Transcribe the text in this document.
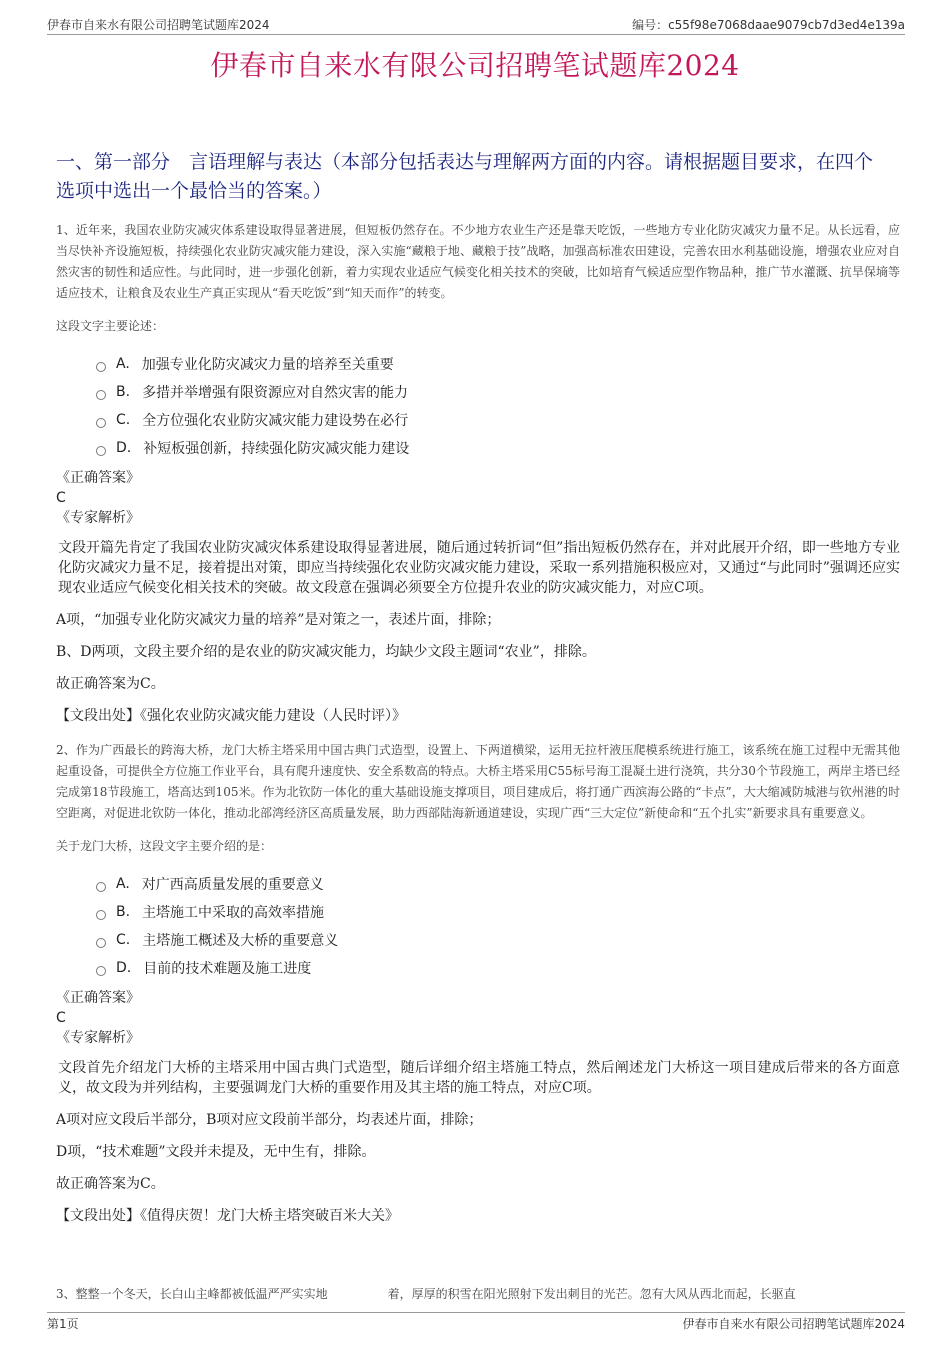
伊春市自来水有限公司招聘笔试题库2024	编号：c55f98e7068daae9079cb7d3ed4e139a
伊春市自来水有限公司招聘笔试题库2024
一、第一部分　言语理解与表达（本部分包括表达与理解两方面的内容。请根据题目要求，在四个选项中选出一个最恰当的答案。）

1、近年来，我国农业防灾减灾体系建设取得显著进展，但短板仍然存在。不少地方农业生产还是靠天吃饭，一些地方专业化防灾减灾力量不足。从长远看，应当尽快补齐设施短板，持续强化农业防灾减灾能力建设，深入实施“藏粮于地、藏粮于技”战略，加强高标准农田建设，完善农田水利基础设施，增强农业应对自然灾害的韧性和适应性。与此同时，进一步强化创新，着力实现农业适应气候变化相关技术的突破，比如培育气候适应型作物品种，推广节水灌溉、抗旱保墒等适应技术，让粮食及农业生产真正实现从“看天吃饭”到“知天而作”的转变。

这段文字主要论述：
A. 加强专业化防灾减灾力量的培养至关重要
B. 多措并举增强有限资源应对自然灾害的能力
C. 全方位强化农业防灾减灾能力建设势在必行
D. 补短板强创新，持续强化防灾减灾能力建设
《正确答案》
C
《专家解析》
文段开篇先肯定了我国农业防灾减灾体系建设取得显著进展，随后通过转折词“但”指出短板仍然存在，并对此展开介绍，即一些地方专业化防灾减灾力量不足，接着提出对策，即应当持续强化农业防灾减灾能力建设，采取一系列措施积极应对，又通过“与此同时”强调还应实现农业适应气候变化相关技术的突破。故文段意在强调必须要全方位提升农业的防灾减灾能力，对应C项。
A项，“加强专业化防灾减灾力量的培养”是对策之一，表述片面，排除；
B、D两项，文段主要介绍的是农业的防灾减灾能力，均缺少文段主题词“农业”，排除。
故正确答案为C。
【文段出处】《强化农业防灾减灾能力建设（人民时评）》

2、作为广西最长的跨海大桥，龙门大桥主塔采用中国古典门式造型，设置上、下两道横梁，运用无拉杆液压爬模系统进行施工，该系统在施工过程中无需其他起重设备，可提供全方位施工作业平台，具有爬升速度快、安全系数高的特点。大桥主塔采用C55标号海工混凝土进行浇筑，共分30个节段施工，两岸主塔已经完成第18节段施工，塔高达到105米。作为北钦防一体化的重大基础设施支撑项目，项目建成后，将打通广西滨海公路的“卡点”，大大缩减防城港与钦州港的时空距离，对促进北钦防一体化，推动北部湾经济区高质量发展，助力西部陆海新通道建设，实现广西“三大定位”新使命和“五个扎实”新要求具有重要意义。

关于龙门大桥，这段文字主要介绍的是：
A. 对广西高质量发展的重要意义
B. 主塔施工中采取的高效率措施
C. 主塔施工概述及大桥的重要意义
D. 目前的技术难题及施工进度
《正确答案》
C
《专家解析》
文段首先介绍龙门大桥的主塔采用中国古典门式造型，随后详细介绍主塔施工特点，然后阐述龙门大桥这一项目建成后带来的各方面意义，故文段为并列结构，主要强调龙门大桥的重要作用及其主塔的施工特点，对应C项。
A项对应文段后半部分，B项对应文段前半部分，均表述片面，排除；
D项，“技术难题”文段并未提及，无中生有，排除。
故正确答案为C。
【文段出处】《值得庆贺！龙门大桥主塔突破百米大关》
3、整整一个冬天，长白山主峰都被低温严严实实地	着，厚厚的积雪在阳光照射下发出刺目的光芒。忽有大风从西北而起，长驱直
第1页	伊春市自来水有限公司招聘笔试题库2024
